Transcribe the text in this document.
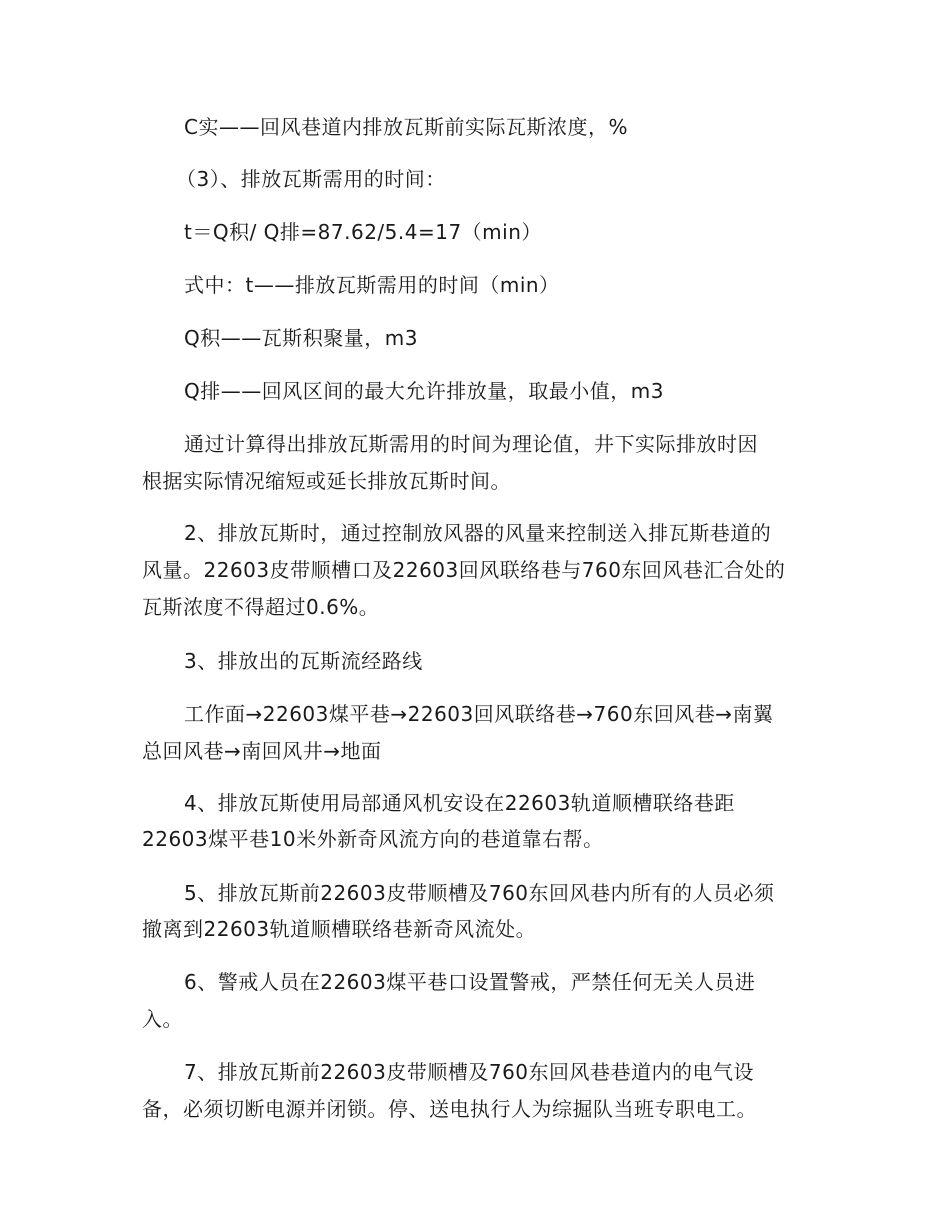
C实——回风巷道内排放瓦斯前实际瓦斯浓度，%
（3）、排放瓦斯需用的时间：
t＝Q积/ Q排=87.62/5.4=17（min）
式中：t——排放瓦斯需用的时间（min）
Q积——瓦斯积聚量，m3
Q排——回风区间的最大允许排放量，取最小值，m3
通过计算得出排放瓦斯需用的时间为理论值，井下实际排放时因
根据实际情况缩短或延长排放瓦斯时间。
2、排放瓦斯时，通过控制放风器的风量来控制送入排瓦斯巷道的
风量。22603皮带顺槽口及22603回风联络巷与760东回风巷汇合处的
瓦斯浓度不得超过0.6%。
3、排放出的瓦斯流经路线
工作面→22603煤平巷→22603回风联络巷→760东回风巷→南翼
总回风巷→南回风井→地面
4、排放瓦斯使用局部通风机安设在22603轨道顺槽联络巷距
22603煤平巷10米外新奇风流方向的巷道靠右帮。
5、排放瓦斯前22603皮带顺槽及760东回风巷内所有的人员必须
撤离到22603轨道顺槽联络巷新奇风流处。
6、警戒人员在22603煤平巷口设置警戒，严禁任何无关人员进
入。
7、排放瓦斯前22603皮带顺槽及760东回风巷巷道内的电气设
备，必须切断电源并闭锁。停、送电执行人为综掘队当班专职电工。
